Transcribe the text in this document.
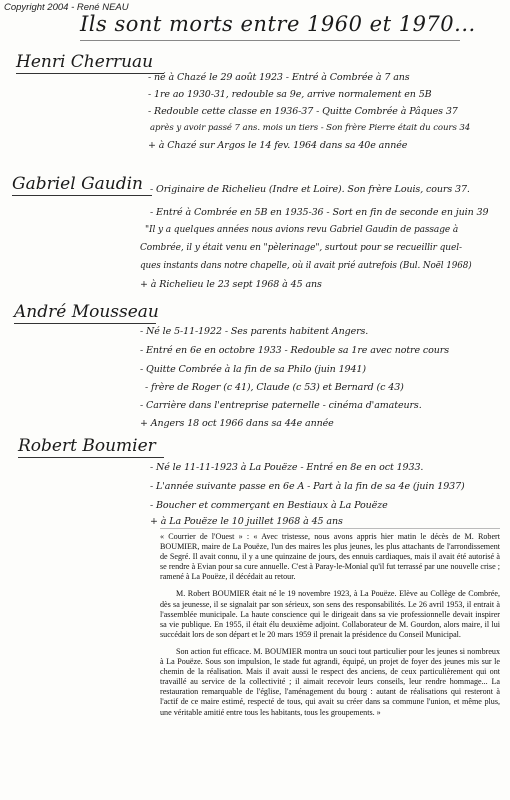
Copyright 2004 - René NEAU
Ils sont morts entre 1960 et 1970...
Henri Cherruau
- né à Chazé le 29 août 1923 - Entré à Combrée à 7 ans
- 1re ao 1930-31, redouble sa 9e, arrive normalement en 5B
- Redouble cette classe en 1936-37 - Quitte Combrée à Pâques 37
après y avoir passé 7 ans. mois un tiers - Son frère Pierre était du cours 34
+ à Chazé sur Argos le 14 fev. 1964 dans sa 40e année
Gabriel Gaudin - Originaire de Richelieu (Indre et Loire). Son frère Louis, cours 37.
- Entré à Combrée en 5B en 1935-36 - Sort en fin de seconde en juin 39
"Il y a quelques années nous avions revu Gabriel Gaudin de passage à
Combrée, il y était venu en "pèlerinage", surtout pour se recueillir quel-
ques instants dans notre chapelle, où il avait prié autrefois (Bul. Noël 1968)
+ à Richelieu le 23 sept 1968 à 45 ans
André Mousseau
- Né le 5-11-1922 - Ses parents habitent Angers.
- Entré en 6e en octobre 1933 - Redouble sa 1re avec notre cours
- Quitte Combrée à la fin de sa Philo (juin 1941)
- frère de Roger (c 41), Claude (c 53) et Bernard (c 43)
- Carrière dans l'entreprise paternelle - cinéma d'amateurs.
+ Angers 18 oct 1966 dans sa 44e année
Robert Boumier
- Né le 11-11-1923 à La Pouëze - Entré en 8e en oct 1933.
- L'année suivante passe en 6e A - Part à la fin de sa 4e (juin 1937)
- Boucher et commerçant en Bestiaux à La Pouëze
+ à La Pouëze le 10 juillet 1968 à 45 ans

« Courrier de l'Ouest » : « Avec tristesse, nous avons appris hier matin le décès de M. Robert BOUMIER, maire de La Pouëze, l'un des maires les plus jeunes, les plus attachants de l'arrondissement de Segré. Il avait connu, il y a une quinzaine de jours, des ennuis cardiaques, mais il avait été autorisé à se rendre à Evian pour sa cure annuelle. C'est à Paray-le-Monial qu'il fut terrassé par une nouvelle crise ; ramené à La Pouëze, il décédait au retour.

M. Robert BOUMIER était né le 19 novembre 1923, à La Pouëze. Elève au Collège de Combrée, dès sa jeunesse, il se signalait par son sérieux, son sens des responsabilités. Le 26 avril 1953, il entrait à l'assemblée municipale. La haute conscience qui le dirigeait dans sa vie professionnelle devait inspirer sa vie publique. En 1955, il était élu deuxième adjoint. Collaborateur de M. Gourdon, alors maire, il lui succédait lors de son départ et le 20 mars 1959 il prenait la présidence du Conseil Municipal.

Son action fut efficace. M. BOUMIER montra un souci tout particulier pour les jeunes si nombreux à La Pouëze. Sous son impulsion, le stade fut agrandi, équipé, un projet de foyer des jeunes mis sur le chemin de la réalisation. Mais il avait aussi le respect des anciens, de ceux particulièrement qui ont travaillé au service de la collectivité ; il aimait recevoir leurs conseils, leur rendre hommage... La restauration remarquable de l'église, l'aménagement du bourg : autant de réalisations qui resteront à l'actif de ce maire estimé, respecté de tous, qui avait su créer dans sa commune l'union, et même plus, une véritable amitié entre tous les habitants, tous les groupements. »
